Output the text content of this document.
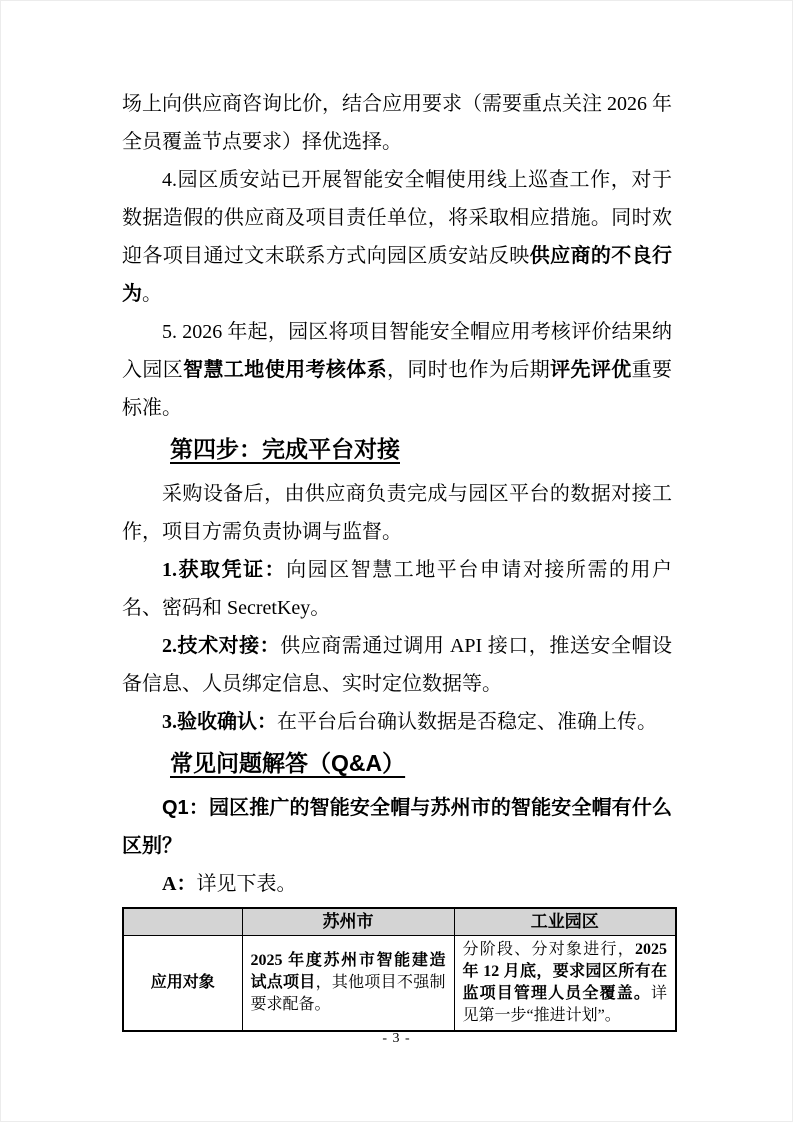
场上向供应商咨询比价，结合应用要求（需要重点关注 2026 年全员覆盖节点要求）择优选择。

4.园区质安站已开展智能安全帽使用线上巡查工作，对于数据造假的供应商及项目责任单位，将采取相应措施。同时欢迎各项目通过文末联系方式向园区质安站反映供应商的不良行为。

5. 2026 年起，园区将项目智能安全帽应用考核评价结果纳入园区智慧工地使用考核体系，同时也作为后期评先评优重要标准。

第四步：完成平台对接

采购设备后，由供应商负责完成与园区平台的数据对接工作，项目方需负责协调与监督。

1.获取凭证：向园区智慧工地平台申请对接所需的用户名、密码和 SecretKey。

2.技术对接：供应商需通过调用 API 接口，推送安全帽设备信息、人员绑定信息、实时定位数据等。

3.验收确认：在平台后台确认数据是否稳定、准确上传。

常见问题解答（Q&A）

Q1：园区推广的智能安全帽与苏州市的智能安全帽有什么区别？

A：详见下表。

	苏州市	工业园区
应用对象	2025 年度苏州市智能建造试点项目，其他项目不强制要求配备。	分阶段、分对象进行，2025 年 12 月底，要求园区所有在监项目管理人员全覆盖。详见第一步“推进计划”。
- 3 -
